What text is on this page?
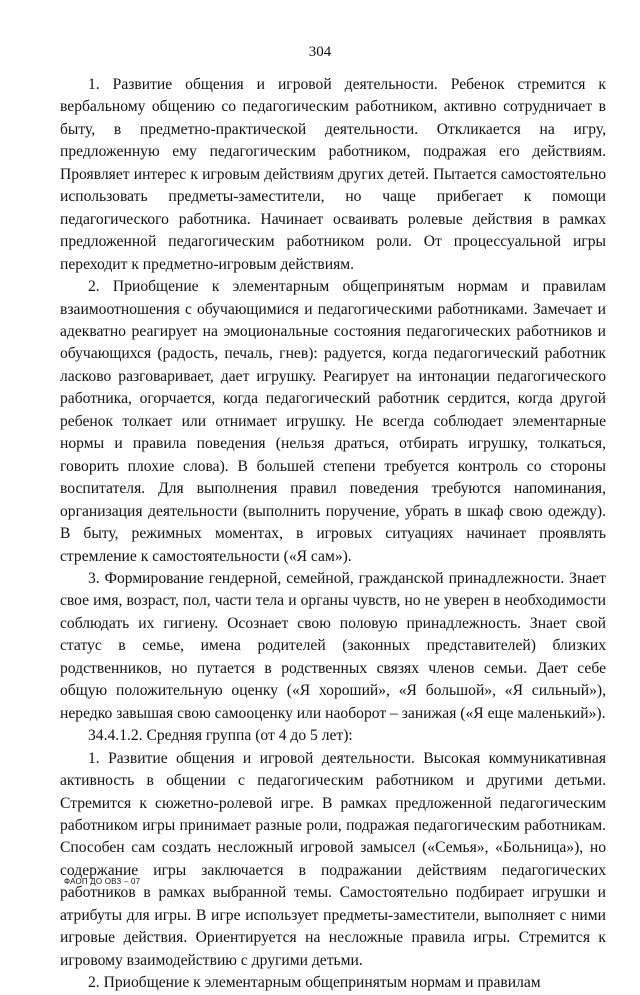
304

1. Развитие общения и игровой деятельности. Ребенок стремится к вербальному общению со педагогическим работником, активно сотрудничает в быту, в предметно-практической деятельности. Откликается на игру, предложенную ему педагогическим работником, подражая его действиям. Проявляет интерес к игровым действиям других детей. Пытается самостоятельно использовать предметы-заместители, но чаще прибегает к помощи педагогического работника. Начинает осваивать ролевые действия в рамках предложенной педагогическим работником роли. От процессуальной игры переходит к предметно-игровым действиям.

2. Приобщение к элементарным общепринятым нормам и правилам взаимоотношения с обучающимися и педагогическими работниками. Замечает и адекватно реагирует на эмоциональные состояния педагогических работников и обучающихся (радость, печаль, гнев): радуется, когда педагогический работник ласково разговаривает, дает игрушку. Реагирует на интонации педагогического работника, огорчается, когда педагогический работник сердится, когда другой ребенок толкает или отнимает игрушку. Не всегда соблюдает элементарные нормы и правила поведения (нельзя драться, отбирать игрушку, толкаться, говорить плохие слова). В большей степени требуется контроль со стороны воспитателя. Для выполнения правил поведения требуются напоминания, организация деятельности (выполнить поручение, убрать в шкаф свою одежду). В быту, режимных моментах, в игровых ситуациях начинает проявлять стремление к самостоятельности («Я сам»).

3. Формирование гендерной, семейной, гражданской принадлежности. Знает свое имя, возраст, пол, части тела и органы чувств, но не уверен в необходимости соблюдать их гигиену. Осознает свою половую принадлежность. Знает свой статус в семье, имена родителей (законных представителей) близких родственников, но путается в родственных связях членов семьи. Дает себе общую положительную оценку («Я хороший», «Я большой», «Я сильный»), нередко завышая свою самооценку или наоборот – занижая («Я еще маленький»).

34.4.1.2. Средняя группа (от 4 до 5 лет):

1. Развитие общения и игровой деятельности. Высокая коммуникативная активность в общении с педагогическим работником и другими детьми. Стремится к сюжетно-ролевой игре. В рамках предложенной педагогическим работником игры принимает разные роли, подражая педагогическим работникам. Способен сам создать несложный игровой замысел («Семья», «Больница»), но содержание игры заключается в подражании действиям педагогических работников в рамках выбранной темы. Самостоятельно подбирает игрушки и атрибуты для игры. В игре использует предметы-заместители, выполняет с ними игровые действия. Ориентируется на несложные правила игры. Стремится к игровому взаимодействию с другими детьми.

2. Приобщение к элементарным общепринятым нормам и правилам

ФАОП ДО ОВЗ – 07
